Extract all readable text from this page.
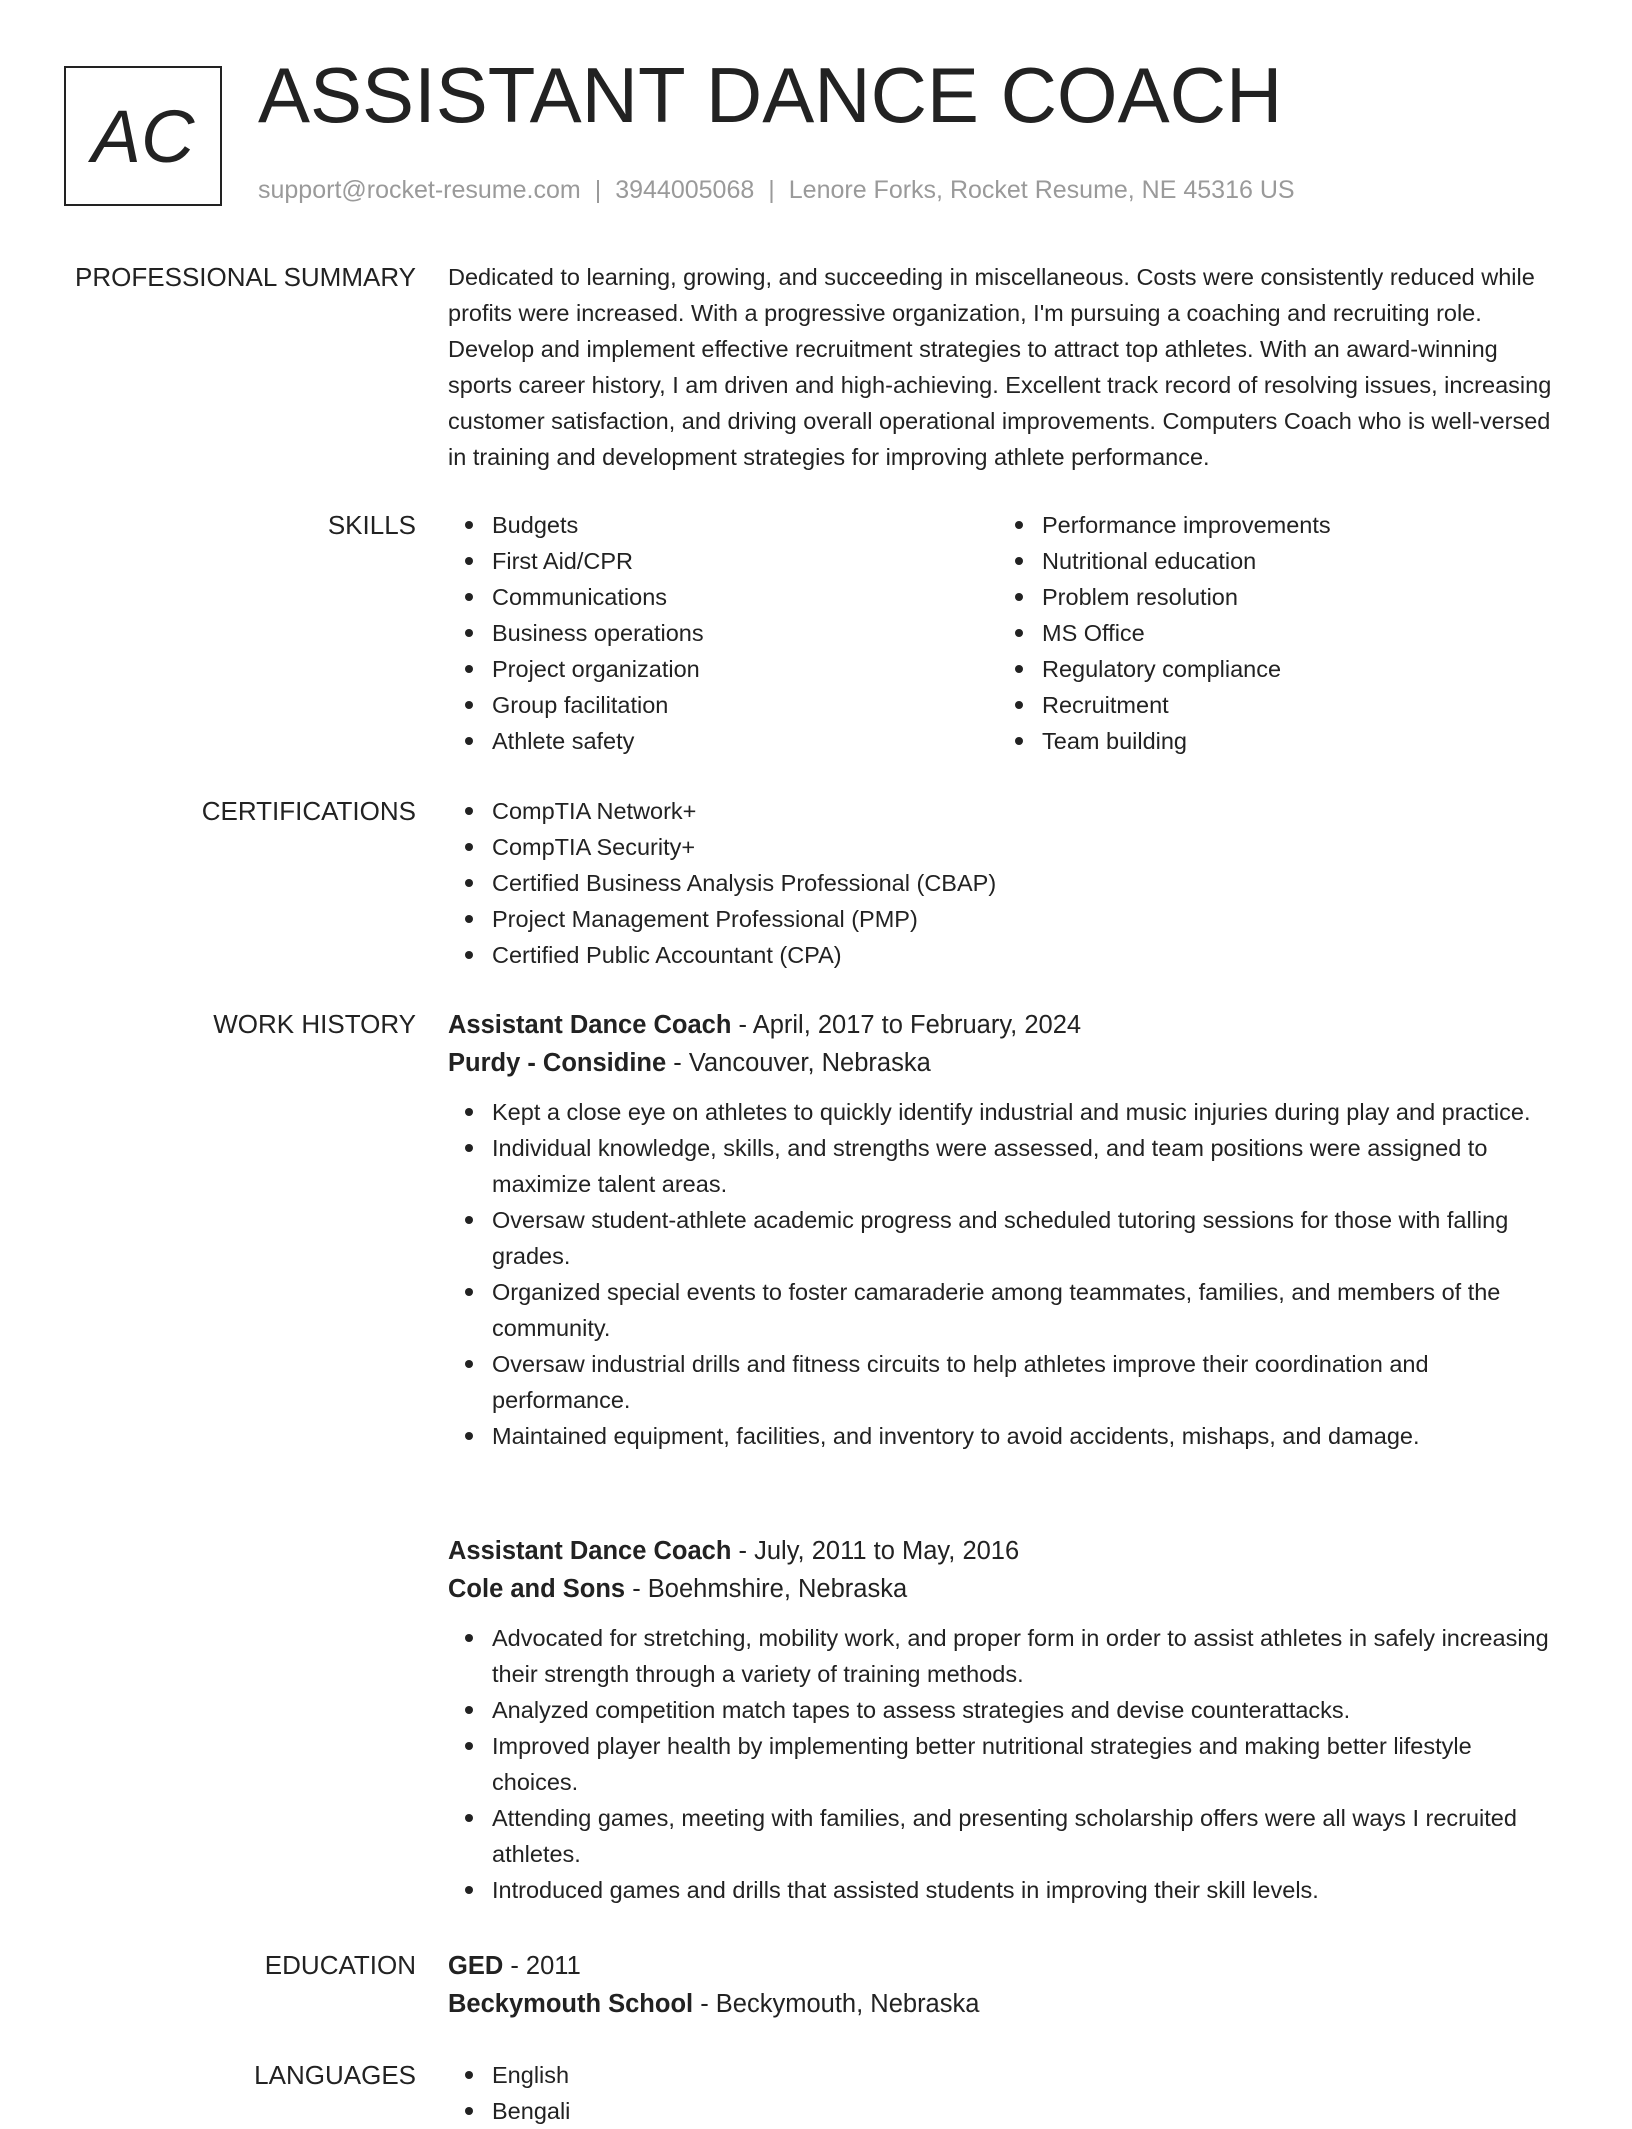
AC ASSISTANT DANCE COACH
support@rocket-resume.com | 3944005068 | Lenore Forks, Rocket Resume, NE 45316 US
PROFESSIONAL SUMMARY Dedicated to learning, growing, and succeeding in miscellaneous. Costs were consistently reduced while profits were increased. With a progressive organization, I'm pursuing a coaching and recruiting role. Develop and implement effective recruitment strategies to attract top athletes. With an award-winning sports career history, I am driven and high-achieving. Excellent track record of resolving issues, increasing customer satisfaction, and driving overall operational improvements. Computers Coach who is well-versed in training and development strategies for improving athlete performance.

SKILLS	Budgets
First Aid/CPR
Communications
Business operations
Project organization
Group facilitation
Athlete safety
Performance improvements
Nutritional education
Problem resolution
MS Office
Regulatory compliance
Recruitment
Team building
CERTIFICATIONS	CompTIA Network+
CompTIA Security+
Certified Business Analysis Professional (CBAP)
Project Management Professional (PMP)
Certified Public Accountant (CPA)
WORK HISTORY Assistant Dance Coach - April, 2017 to February, 2024
Purdy - Considine - Vancouver, Nebraska
Kept a close eye on athletes to quickly identify industrial and music injuries during play and practice.
Individual knowledge, skills, and strengths were assessed, and team positions were assigned to maximize talent areas.
Oversaw student-athlete academic progress and scheduled tutoring sessions for those with falling grades.
Organized special events to foster camaraderie among teammates, families, and members of the community.
Oversaw industrial drills and fitness circuits to help athletes improve their coordination and performance.
Maintained equipment, facilities, and inventory to avoid accidents, mishaps, and damage.
Assistant Dance Coach - July, 2011 to May, 2016
Cole and Sons - Boehmshire, Nebraska
Advocated for stretching, mobility work, and proper form in order to assist athletes in safely increasing their strength through a variety of training methods.
Analyzed competition match tapes to assess strategies and devise counterattacks.
Improved player health by implementing better nutritional strategies and making better lifestyle choices.
Attending games, meeting with families, and presenting scholarship offers were all ways I recruited athletes.
Introduced games and drills that assisted students in improving their skill levels.
EDUCATION GED - 2011
Beckymouth School - Beckymouth, Nebraska
LANGUAGES	English
Bengali
